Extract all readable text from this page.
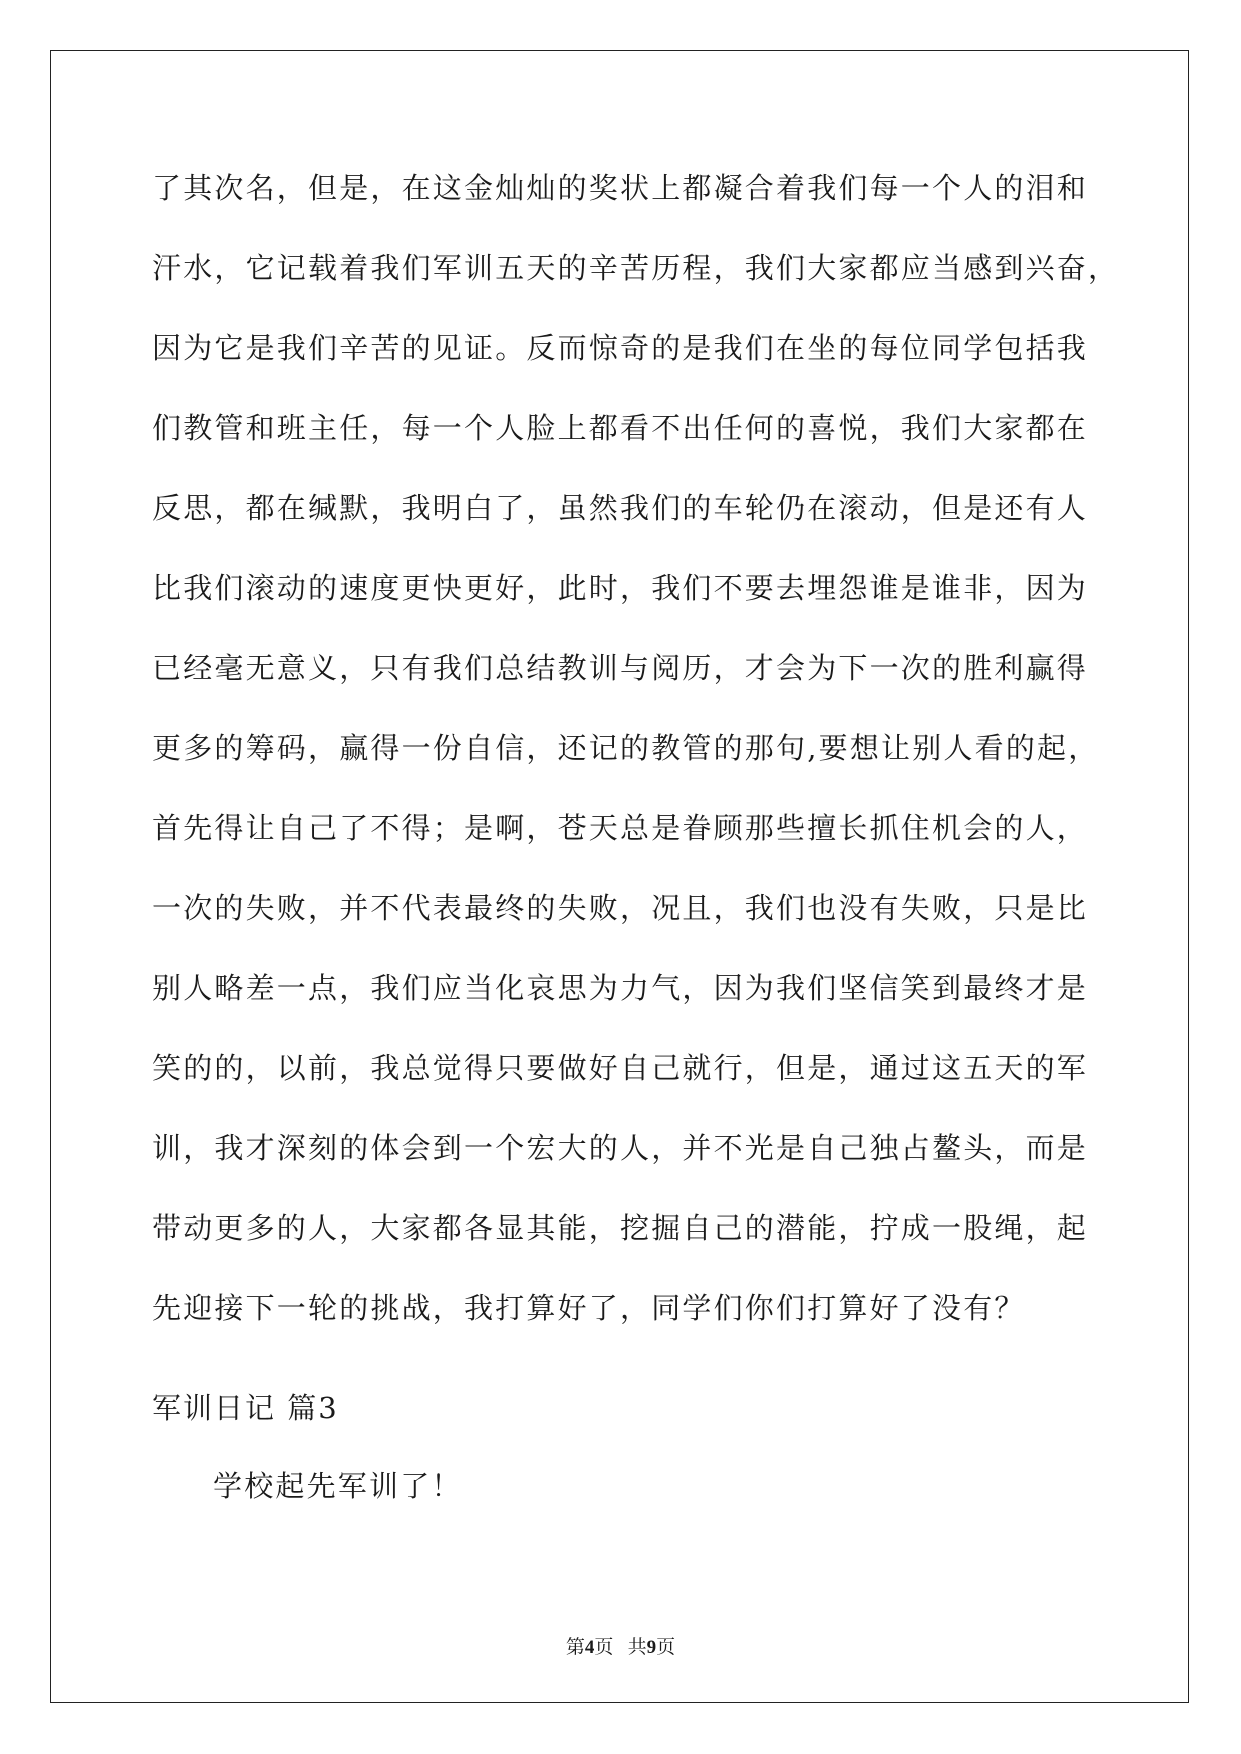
了其次名，但是，在这金灿灿的奖状上都凝合着我们每一个人的泪和
汗水，它记载着我们军训五天的辛苦历程，我们大家都应当感到兴奋，
因为它是我们辛苦的见证。反而惊奇的是我们在坐的每位同学包括我
们教管和班主任，每一个人脸上都看不出任何的喜悦，我们大家都在
反思，都在缄默，我明白了，虽然我们的车轮仍在滚动，但是还有人
比我们滚动的速度更快更好，此时，我们不要去埋怨谁是谁非，因为
已经毫无意义，只有我们总结教训与阅历，才会为下一次的胜利赢得
更多的筹码，赢得一份自信，还记的教管的那句,要想让别人看的起，
首先得让自己了不得；是啊，苍天总是眷顾那些擅长抓住机会的人，
一次的失败，并不代表最终的失败，况且，我们也没有失败，只是比
别人略差一点，我们应当化哀思为力气，因为我们坚信笑到最终才是
笑的的，以前，我总觉得只要做好自己就行，但是，通过这五天的军
训，我才深刻的体会到一个宏大的人，并不光是自己独占鳌头，而是
带动更多的人，大家都各显其能，挖掘自己的潜能，拧成一股绳，起
先迎接下一轮的挑战，我打算好了，同学们你们打算好了没有？
军训日记 篇3

学校起先军训了！

第4页 共9页
